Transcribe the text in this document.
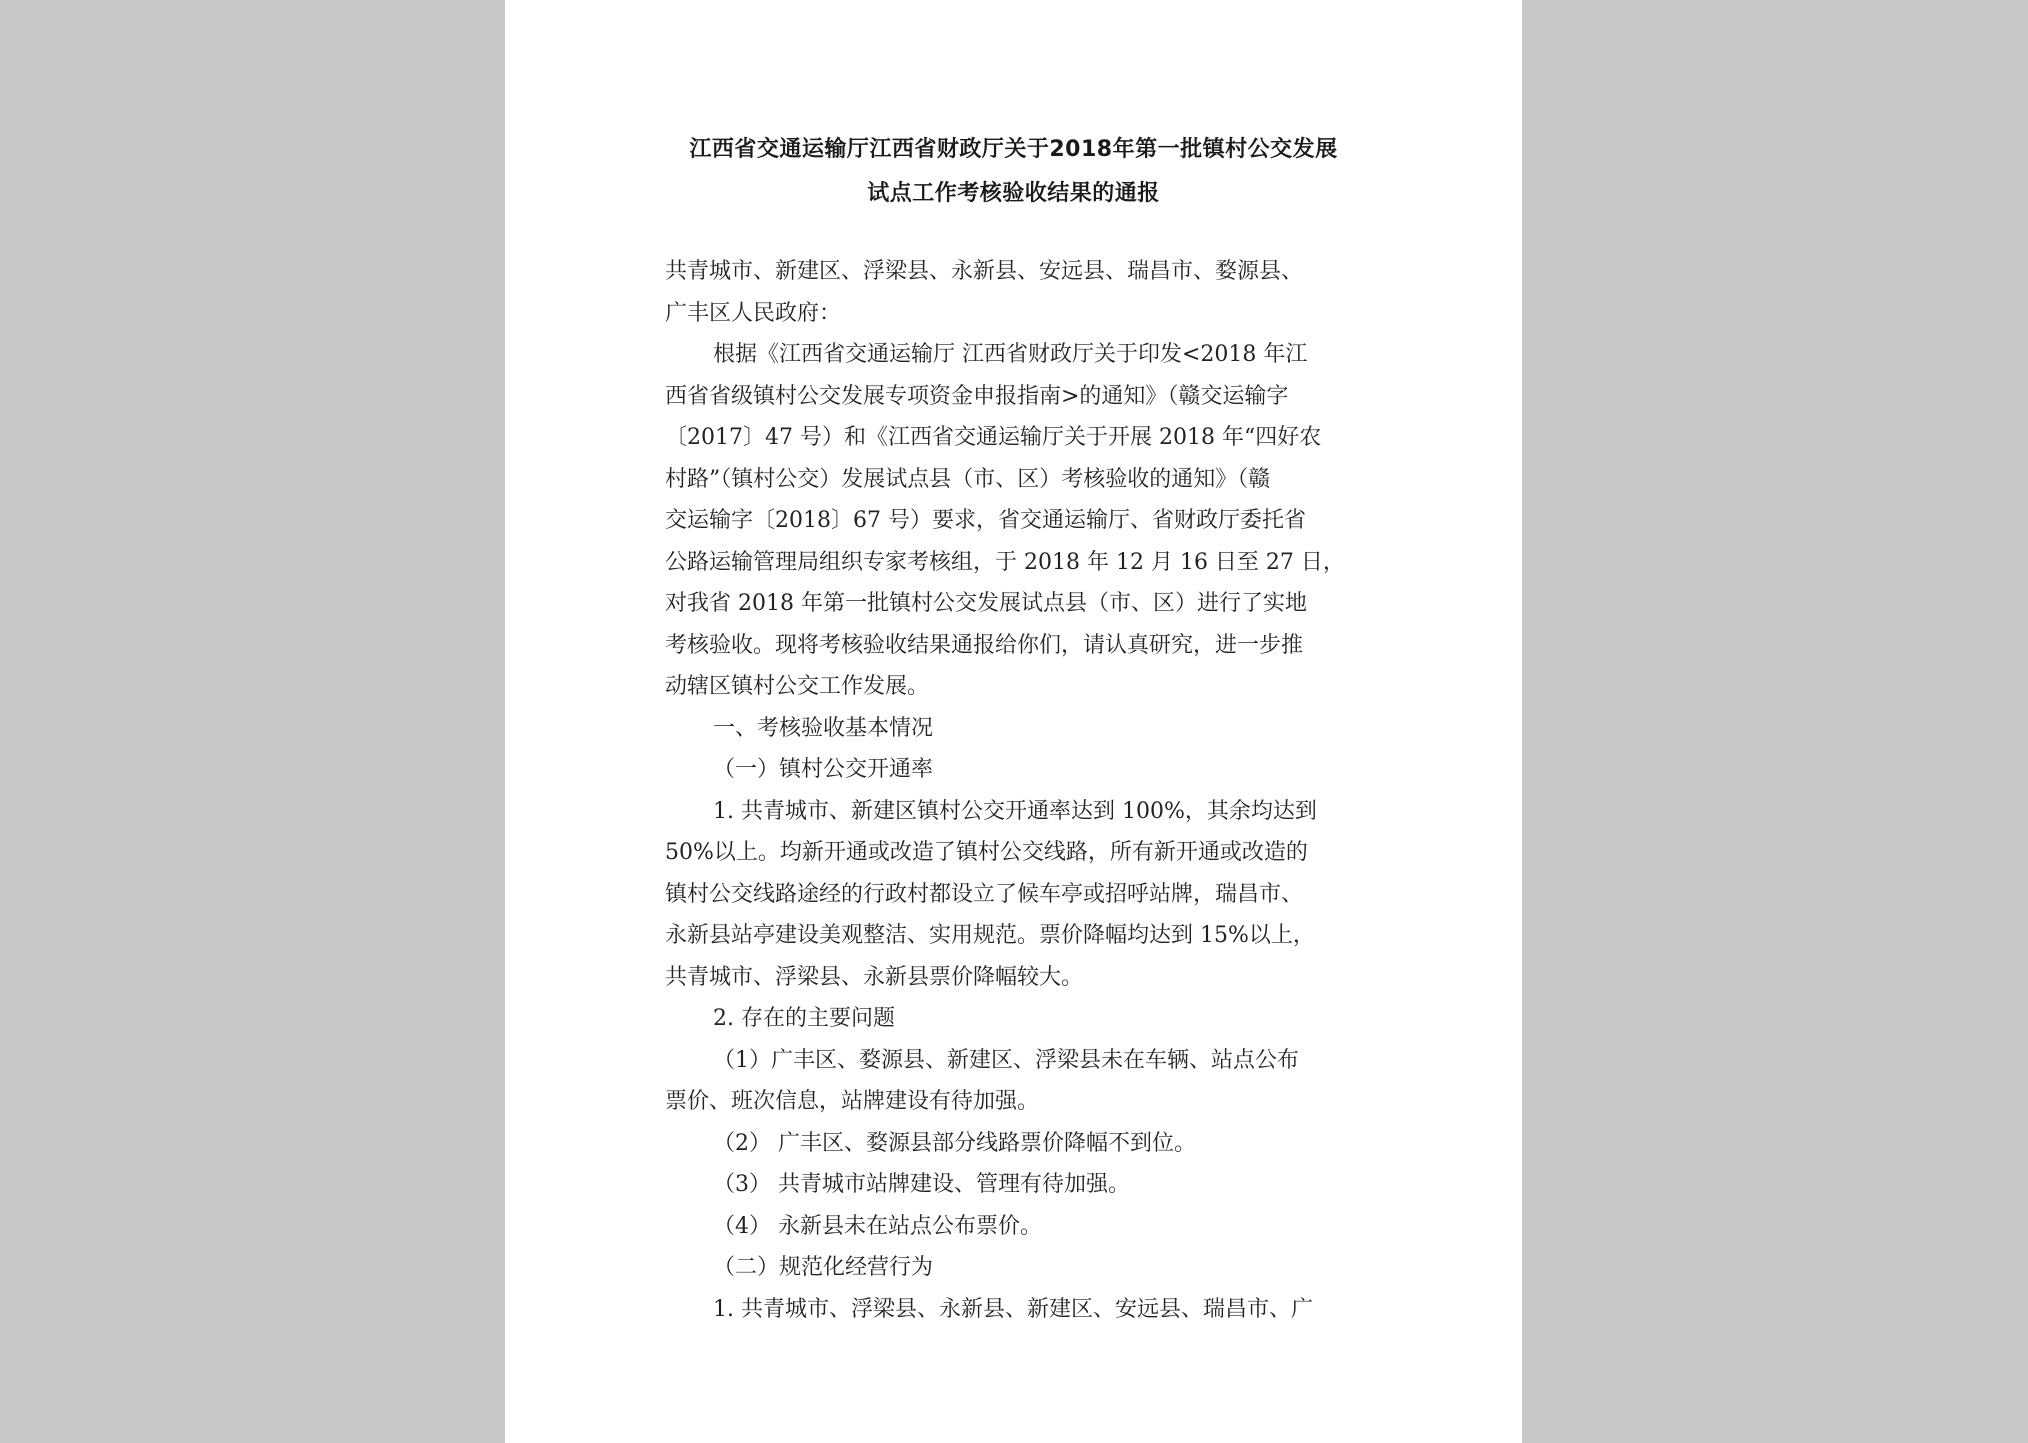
江西省交通运输厅江西省财政厅关于2018年第一批镇村公交发展
试点工作考核验收结果的通报
共青城市、新建区、浮梁县、永新县、安远县、瑞昌市、婺源县、
广丰区人民政府：
根据《江西省交通运输厅 江西省财政厅关于印发<2018 年江
西省省级镇村公交发展专项资金申报指南>的通知》（赣交运输字
〔2017〕47 号）和《江西省交通运输厅关于开展 2018 年“四好农
村路”（镇村公交）发展试点县（市、区）考核验收的通知》（赣
交运输字〔2018〕67 号）要求，省交通运输厅、省财政厅委托省
公路运输管理局组织专家考核组，于 2018 年 12 月 16 日至 27 日，
对我省 2018 年第一批镇村公交发展试点县（市、区）进行了实地
考核验收。现将考核验收结果通报给你们，请认真研究，进一步推
动辖区镇村公交工作发展。
一、考核验收基本情况
（一）镇村公交开通率
1. 共青城市、新建区镇村公交开通率达到 100%，其余均达到
50%以上。均新开通或改造了镇村公交线路，所有新开通或改造的
镇村公交线路途经的行政村都设立了候车亭或招呼站牌，瑞昌市、
永新县站亭建设美观整洁、实用规范。票价降幅均达到 15%以上，
共青城市、浮梁县、永新县票价降幅较大。
2. 存在的主要问题
（1）广丰区、婺源县、新建区、浮梁县未在车辆、站点公布
票价、班次信息，站牌建设有待加强。
（2） 广丰区、婺源县部分线路票价降幅不到位。
（3） 共青城市站牌建设、管理有待加强。
（4） 永新县未在站点公布票价。
（二）规范化经营行为
1. 共青城市、浮梁县、永新县、新建区、安远县、瑞昌市、广
